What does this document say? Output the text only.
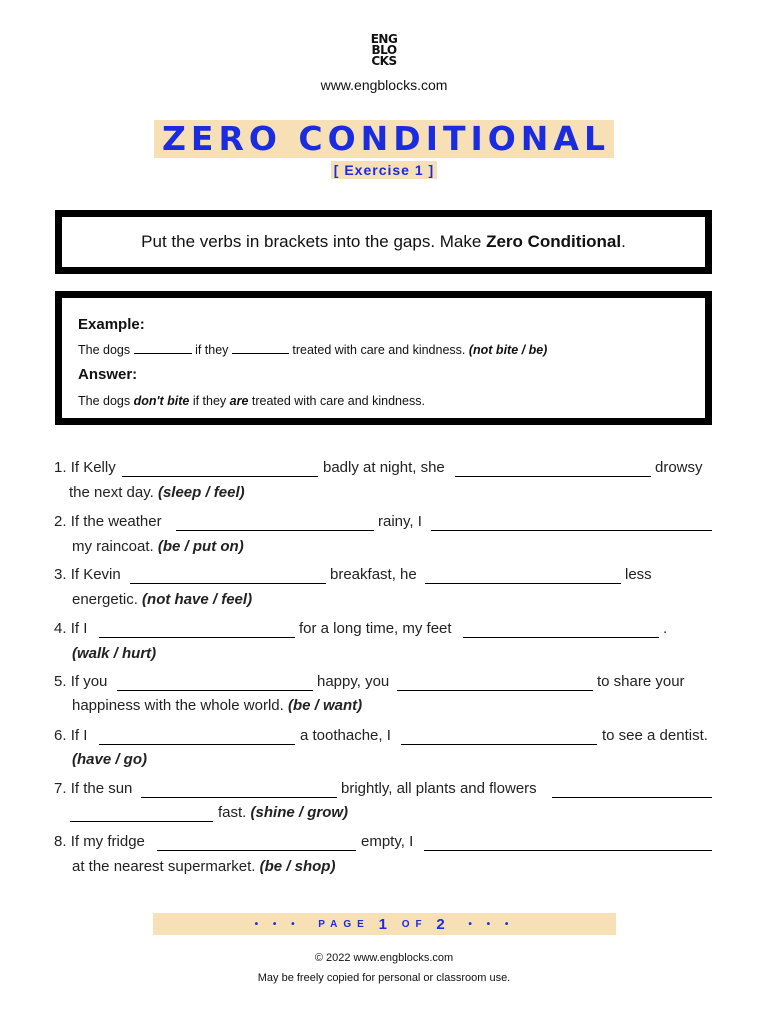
ENG
BLO
CKS
www.engblocks.com
ZERO CONDITIONAL
[ Exercise 1 ]
Put the verbs in brackets into the gaps. Make Zero Conditional.
Example:
The dogs	if they	treated with care and kindness. (not bite / be)
Answer:
The dogs don't bite if they are treated with care and kindness.
1. If Kelly	badly at night, she	drowsy
the next day. (sleep / feel)
2. If the weather	rainy, I
my raincoat. (be / put on)
3. If Kevin	breakfast, he	less
energetic. (not have / feel)
4. If I	for a long time, my feet	.
(walk / hurt)
5. If you	happy, you	to share your
happiness with the whole world. (be / want)
6. If I	a toothache, I	to see a dentist.
(have / go)
7. If the sun	brightly, all plants and flowers
fast. (shine / grow)
8. If my fridge	empty, I
at the nearest supermarket. (be / shop)
• • •
PAGE
1
OF
2
• • •
© 2022 www.engblocks.com
May be freely copied for personal or classroom use.
